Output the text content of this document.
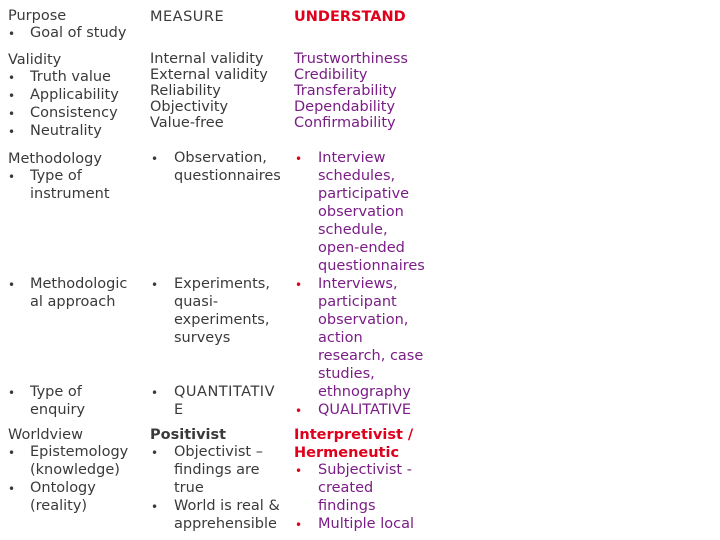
Purpose
• Goal of study
Validity
• Truth value
• Applicability
• Consistency
• Neutrality
Methodology
• Type of
instrument
• Methodologic
al approach
• Type of
enquiry
Worldview
• Epistemology
(knowledge)
• Ontology
(reality)
MEASURE
Internal validity
External validity
Reliability
Objectivity
Value-free
• Observation,
questionnaires
• Experiments,
quasi-
experiments,
surveys
• QUANTITATIV
E
Positivist
• Objectivist –
findings are
true
• World is real &
apprehensible
UNDERSTAND
Trustworthiness
Credibility
Transferability
Dependability
Confirmability
• Interview
schedules,
participative
observation
schedule,
open-ended
questionnaires
• Interviews,
participant
observation,
action
research, case
studies,
ethnography
• QUALITATIVE
Interpretivist /
Hermeneutic
• Subjectivist -
created
findings
• Multiple local
